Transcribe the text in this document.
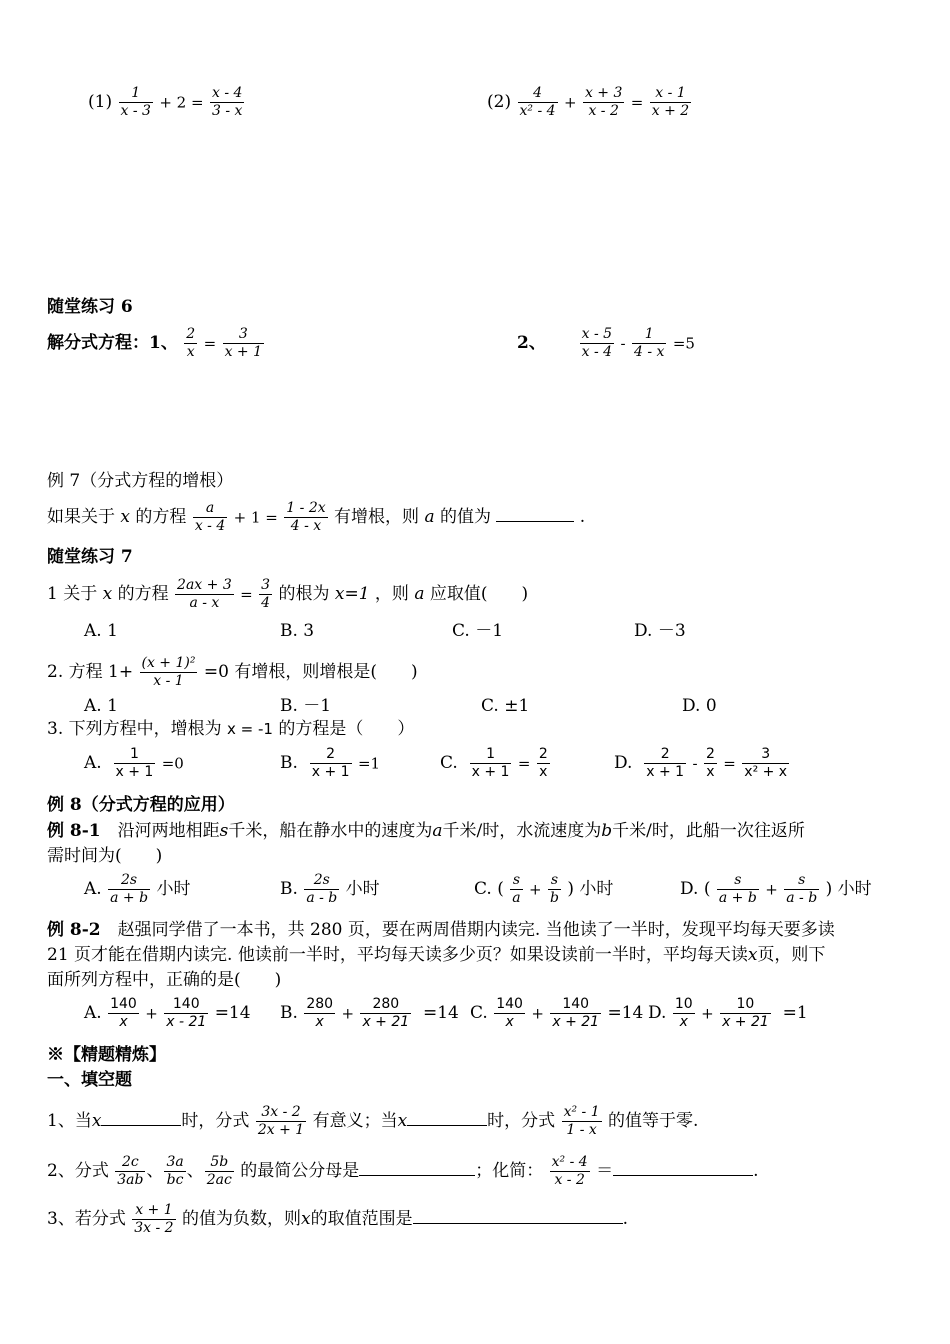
$(1) \frac{1}{x - 3} + 2 = \frac{x - 4}{3 - x}$	$(2) \frac{4}{\text{x² - 4}} + \frac{x + 3}{x - 2} = \frac{x - 1}{x + 2}$
随堂练习 6
解分式方程：1、 $\frac{2}{x} = \frac{3}{x + 1}$	2、 $\frac{x - 5}{x - 4} - \frac{1}{4 - x} =5$
例 7（分式方程的增根）
如果关于 x 的方程 $\frac{a}{x - 4} + 1 = \frac{1 - 2x}{4 - x}$ 有增根，则 a 的值为	.
随堂练习 7
1 关于 x 的方程 $\frac{2ax + 3}{a - x} = \frac{3}{4}$ 的根为 x=1 ，则 a 应取值(　　)
A. 1	B. 3	C. －1	D. －3
2. 方程 $1+ \frac{\text{(x + 1)²}}{x - 1} =0$ 有增根，则增根是(　　)
A. 1	B. －1	C. ±1	D. 0
3. 下列方程中，增根为 x = -1 的方程是（　　）
A. $\frac{1}{x + 1} =0$	B. $\frac{2}{x + 1} =1$	C. $\frac{1}{x + 1} = \frac{2}{x}$	D. $\frac{2}{x + 1} - \frac{2}{x} = \frac{3}{\text{x² + x}}$
例 8（分式方程的应用）
例 8-1　沿河两地相距s千米，船在静水中的速度为a千米/时，水流速度为b千米/时，此船一次往返所
需时间为(　　)
A. $\frac{2s}{a + b}$ 小时	B. $\frac{2s}{a - b}$ 小时	C. ( $\frac{s}{a} + \frac{s}{b}$ ) 小时	D. ( $\frac{s}{a + b} + \frac{s}{a - b}$ ) 小时
例 8-2　赵强同学借了一本书，共 280 页，要在两周借期内读完. 当他读了一半时，发现平均每天要多读
21 页才能在借期内读完. 他读前一半时，平均每天读多少页？如果设读前一半时，平均每天读x页，则下
面所列方程中，正确的是(　　)
A. $\frac{140}{x} + \frac{140}{x - 21} =14$ B. $\frac{280}{x} + \frac{280}{x + 21} =14$ C. $\frac{140}{x} + \frac{140}{x + 21} =14$ D. $\frac{10}{x} + \frac{10}{x + 21} =1$
※【精题精炼】
一、填空题
1、当x	时，分式 $\frac{3x - 2}{2x + 1}$ 有意义；当x	时，分式 $\frac{\text{x² - 1}}{1 - x}$ 的值等于零.
2、分式 $\frac{2c}{3ab}$ 、 $\frac{3a}{bc}$ 、 $\frac{5b}{2ac}$ 的最简公分母是	；化简： $\frac{\text{x² - 4}}{x - 2}$ ＝	.
3、若分式 $\frac{x + 1}{3x - 2}$ 的值为负数，则x的取值范围是	.
